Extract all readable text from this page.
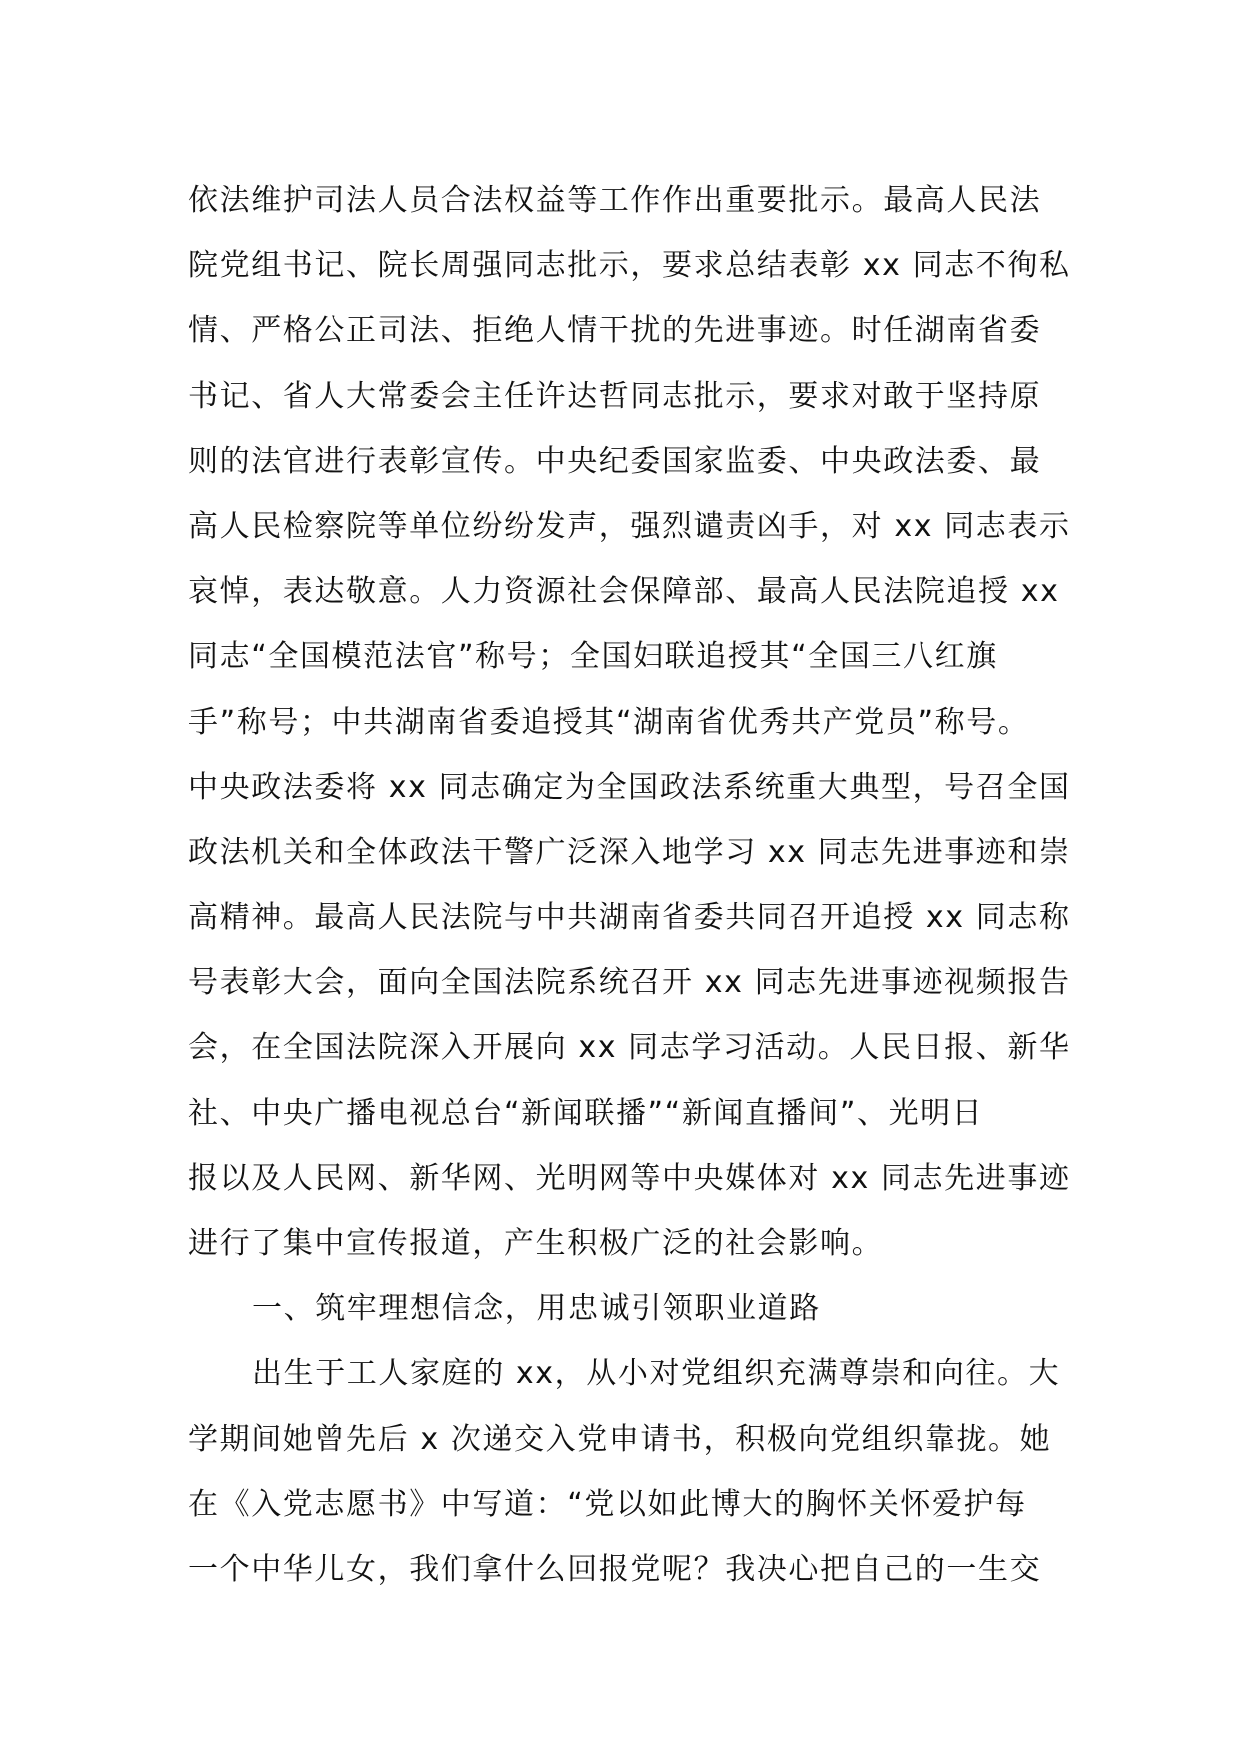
依法维护司法人员合法权益等工作作出重要批示。最高人民法
院党组书记、院长周强同志批示，要求总结表彰 xx 同志不徇私
情、严格公正司法、拒绝人情干扰的先进事迹。时任湖南省委
书记、省人大常委会主任许达哲同志批示，要求对敢于坚持原
则的法官进行表彰宣传。中央纪委国家监委、中央政法委、最
高人民检察院等单位纷纷发声，强烈谴责凶手，对 xx 同志表示
哀悼，表达敬意。人力资源社会保障部、最高人民法院追授 xx
同志“全国模范法官”称号；全国妇联追授其“全国三八红旗
手”称号；中共湖南省委追授其“湖南省优秀共产党员”称号。
中央政法委将 xx 同志确定为全国政法系统重大典型，号召全国
政法机关和全体政法干警广泛深入地学习 xx 同志先进事迹和崇
高精神。最高人民法院与中共湖南省委共同召开追授 xx 同志称
号表彰大会，面向全国法院系统召开 xx 同志先进事迹视频报告
会，在全国法院深入开展向 xx 同志学习活动。人民日报、新华
社、中央广播电视总台“新闻联播”“新闻直播间”、光明日
报以及人民网、新华网、光明网等中央媒体对 xx 同志先进事迹
进行了集中宣传报道，产生积极广泛的社会影响。
一、筑牢理想信念，用忠诚引领职业道路
出生于工人家庭的 xx，从小对党组织充满尊崇和向往。大
学期间她曾先后 x 次递交入党申请书，积极向党组织靠拢。她
在《入党志愿书》中写道：“党以如此博大的胸怀关怀爱护每
一个中华儿女，我们拿什么回报党呢？我决心把自己的一生交
